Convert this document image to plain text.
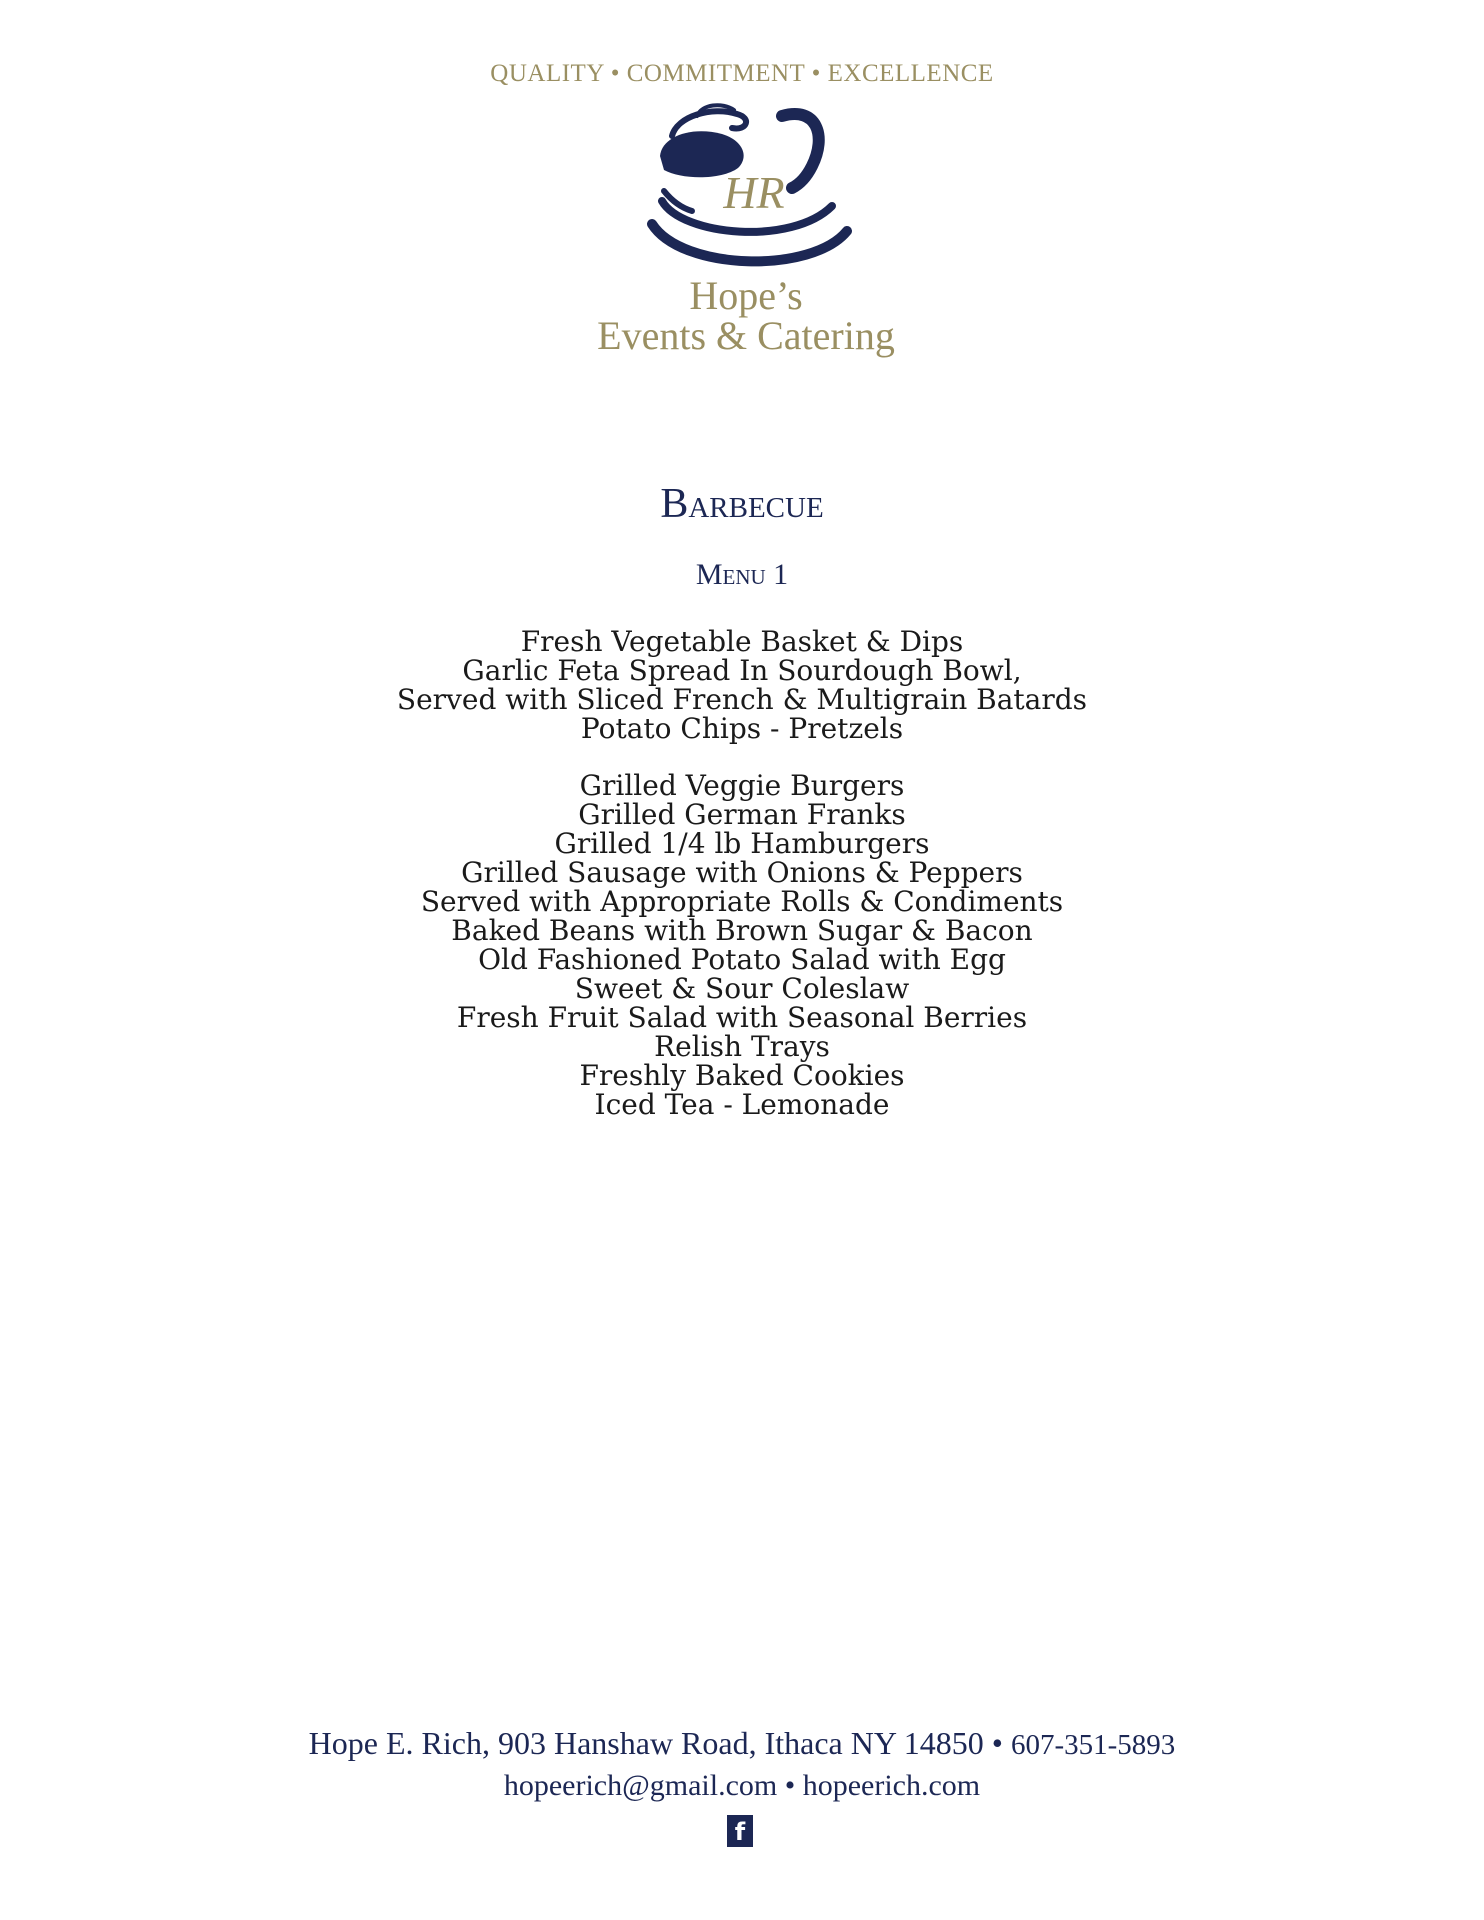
QUALITY • COMMITMENT • EXCELLENCE
HR
Hope’s
Events & Catering
Barbecue
Menu 1
Fresh Vegetable Basket & Dips
Garlic Feta Spread In Sourdough Bowl,
Served with Sliced French & Multigrain Batards
Potato Chips - Pretzels
Grilled Veggie Burgers
Grilled German Franks
Grilled 1/4 lb Hamburgers
Grilled Sausage with Onions & Peppers
Served with Appropriate Rolls & Condiments
Baked Beans with Brown Sugar & Bacon
Old Fashioned Potato Salad with Egg
Sweet & Sour Coleslaw
Fresh Fruit Salad with Seasonal Berries
Relish Trays
Freshly Baked Cookies
Iced Tea - Lemonade
Hope E. Rich, 903 Hanshaw Road, Ithaca NY 14850 • 607-351-5893
hopeerich@gmail.com • hopeerich.com
f
